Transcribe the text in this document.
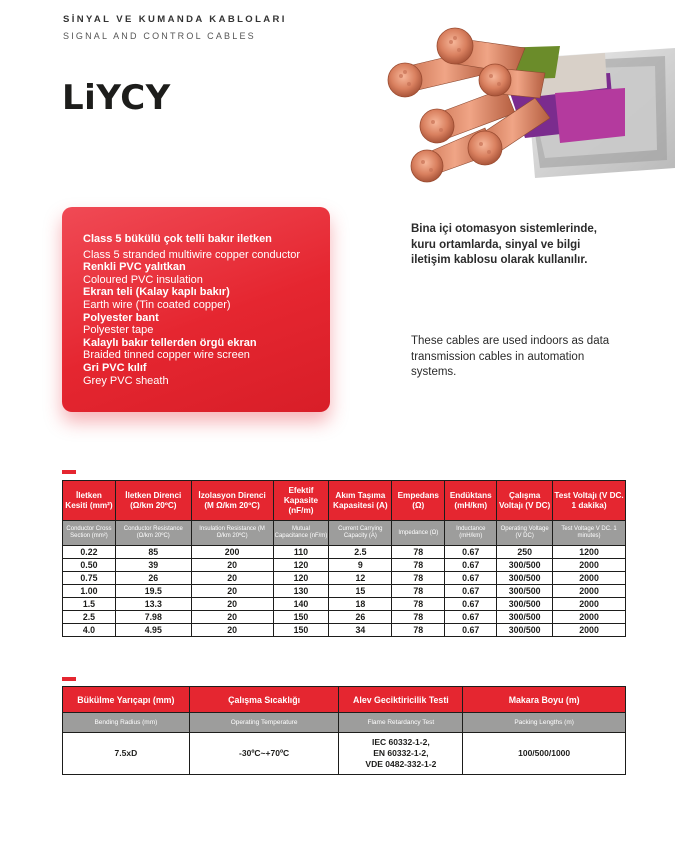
SİNYAL VE KUMANDA KABLOLARI
SIGNAL AND CONTROL CABLES
LiYCY
Class 5 bükülü çok telli bakır iletken
Class 5 stranded multiwire copper conductor
Renkli PVC yalıtkan
Coloured PVC insulation
Ekran teli (Kalay kaplı bakır)
Earth wire (Tin coated copper)
Polyester bant
Polyester tape
Kalaylı bakır tellerden örgü ekran
Braided tinned copper wire screen
Gri PVC kılıf
Grey PVC sheath
Bina içi otomasyon sistemlerinde, kuru ortamlarda, sinyal ve bilgi iletişim kablosu olarak kullanılır.
These cables are used indoors as data transmission cables in automation systems.
İletken Kesiti (mm²)	İletken Direnci (Ω/km 20ºC)	İzolasyon Direnci (M Ω/km 20ºC)	Efektif Kapasite (nF/m)	Akım Taşıma Kapasitesi (A)	Empedans (Ω)	Endüktans (mH/km)	Çalışma Voltajı (V DC)	Test Voltajı (V DC. 1 dakika)
Conductor Cross Section (mm²)	Conductor Resistance (Ω/km 20ºC)	Insulation Resistance (M Ω/km 20ºC)	Mutual Capacitance (nF/m)	Current Carrying Capacity (A)	Impedance (Ω)	Inductance (mH/km)	Operating Voltage (V DC)	Test Voltage V DC. 1 minutes)
0.22	85	200	110	2.5	78	0.67	250	1200
0.50	39	20	120	9	78	0.67	300/500	2000
0.75	26	20	120	12	78	0.67	300/500	2000
1.00	19.5	20	130	15	78	0.67	300/500	2000
1.5	13.3	20	140	18	78	0.67	300/500	2000
2.5	7.98	20	150	26	78	0.67	300/500	2000
4.0	4.95	20	150	34	78	0.67	300/500	2000
Bükülme Yarıçapı (mm)	Çalışma Sıcaklığı	Alev Geciktiricilik Testi	Makara Boyu (m)
Bending Radius (mm)	Operating Temperature	Flame Retardancy Test	Packing Lengths (m)
7.5xD	-30ºC~+70ºC	IEC 60332-1-2,
EN 60332-1-2,
VDE 0482-332-1-2	100/500/1000
